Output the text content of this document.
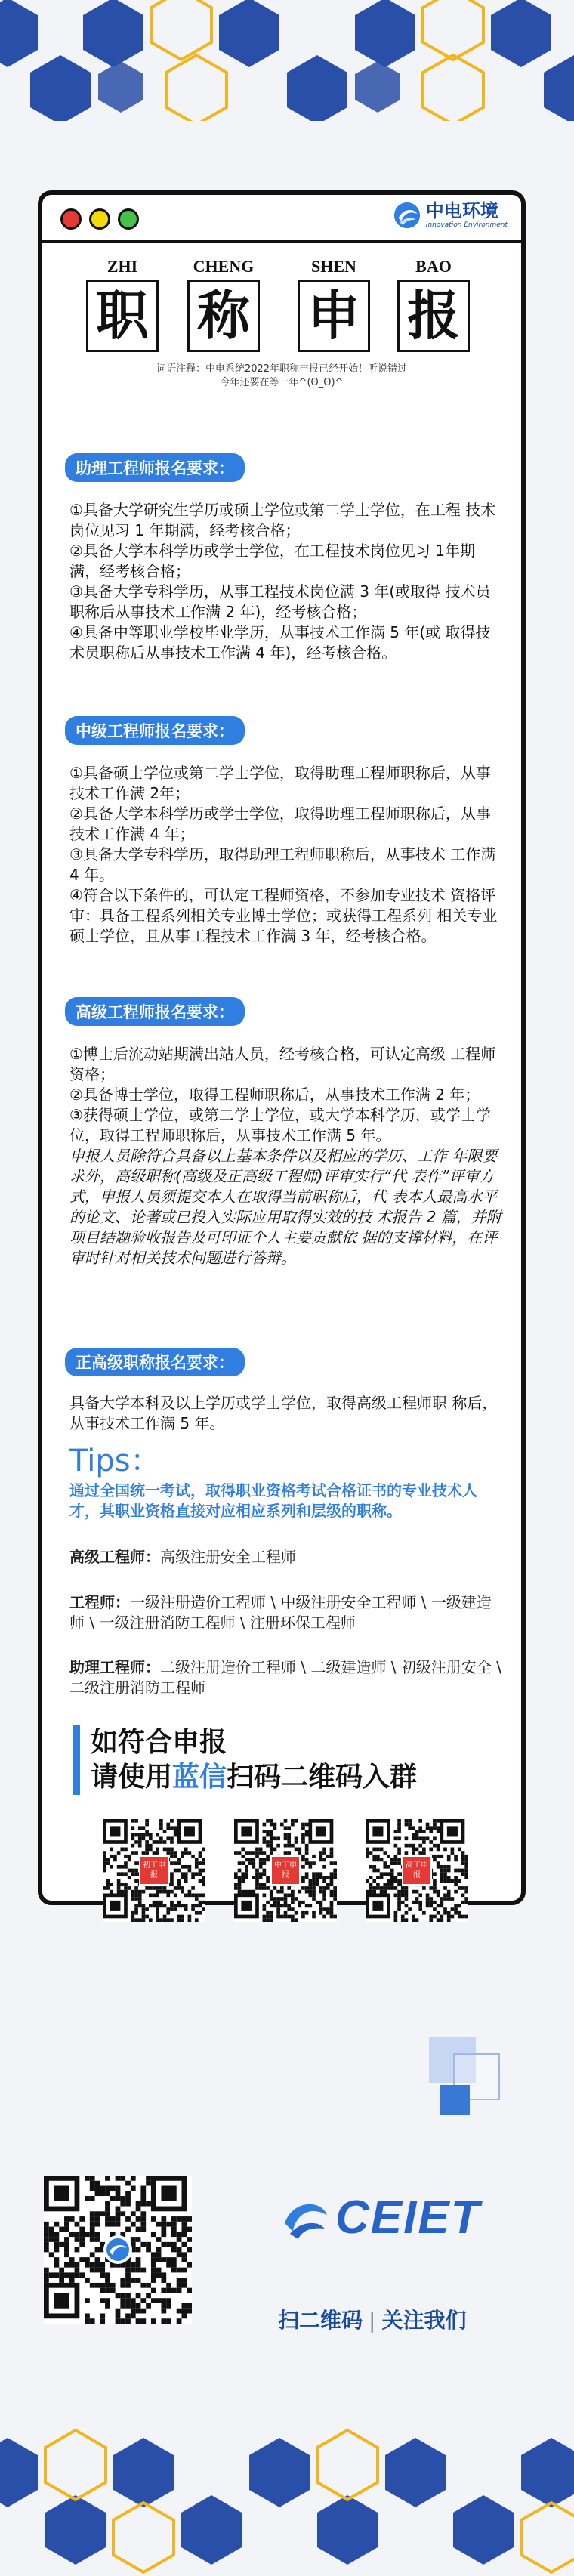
中电环境
Innovation Environment
ZHI	CHENG	SHEN	BAO
职 称 申 报
词语注释：中电系统2022年职称申报已经开始！听说错过
今年还要在等一年^(ʘ_ʘ)^
助理工程师报名要求：

①具备大学研究生学历或硕士学位或第二学士学位，在工程 技术岗位见习 1 年期满，经考核合格；

②具备大学本科学历或学士学位，在工程技术岗位见习 1年期满，经考核合格；

③具备大学专科学历，从事工程技术岗位满 3 年(或取得 技术员职称后从事技术工作满 2 年)，经考核合格；

④具备中等职业学校毕业学历，从事技术工作满 5 年(或 取得技术员职称后从事技术工作满 4 年)，经考核合格。

中级工程师报名要求：

①具备硕士学位或第二学士学位，取得助理工程师职称后，从事技术工作满 2年；

②具备大学本科学历或学士学位，取得助理工程师职称后，从事技术工作满 4 年；

③具备大学专科学历，取得助理工程师职称后，从事技术 工作满 4 年。

④符合以下条件的，可认定工程师资格，不参加专业技术 资格评审：具备工程系列相关专业博士学位；或获得工程系列 相关专业硕士学位，且从事工程技术工作满 3 年，经考核合格。

高级工程师报名要求：

①博士后流动站期满出站人员，经考核合格，可认定高级 工程师资格；

②具备博士学位，取得工程师职称后，从事技术工作满 2 年；

③获得硕士学位，或第二学士学位，或大学本科学历，或学士学位，取得工程师职称后，从事技术工作满 5 年。

申报人员除符合具备以上基本条件以及相应的学历、工作 年限要求外，高级职称(高级及正高级工程师)评审实行“代 表作”评审方式，申报人员须提交本人在取得当前职称后，代 表本人最高水平的论文、论著或已投入实际应用取得实效的技 术报告 2 篇，并附项目结题验收报告及可印证个人主要贡献依 据的支撑材料，在评审时针对相关技术问题进行答辩。

正高级职称报名要求：

具备大学本科及以上学历或学士学位，取得高级工程师职 称后，从事技术工作满 5 年。

Tips：
通过全国统一考试，取得职业资格考试合格证书的专业技术人才，其职业资格直接对应相应系列和层级的职称。
高级工程师：高级注册安全工程师
工程师：一级注册造价工程师 \ 中级注册安全工程师 \ 一级建造师 \ 一级注册消防工程师 \ 注册环保工程师
助理工程师：二级注册造价工程师 \ 二级建造师 \ 初级注册安全 \ 二级注册消防工程师
如符合申报
请使用蓝信扫码二维码入群
初工申报
中工申报
高工申报
CEIET
扫二维码 | 关注我们
